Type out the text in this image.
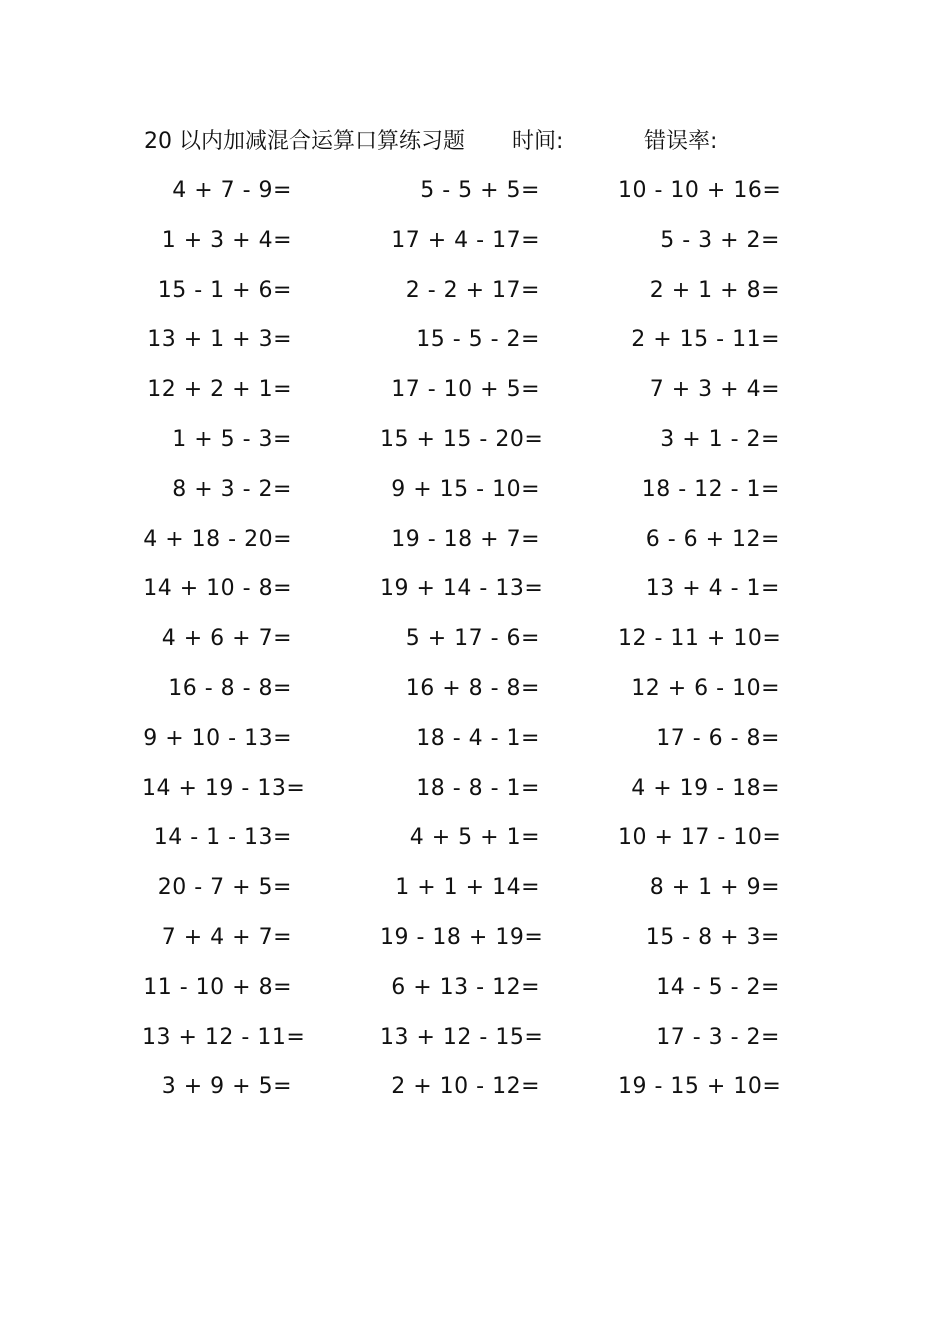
20 以内加减混合运算口算练习题 时间:	错误率:
4 + 7 - 9=
1 + 3 + 4=
15 - 1 + 6=
13 + 1 + 3=
12 + 2 + 1=
1 + 5 - 3=
8 + 3 - 2=
4 + 18 - 20=
14 + 10 - 8=
4 + 6 + 7=
16 - 8 - 8=
9 + 10 - 13=
14 + 19 - 13=
14 - 1 - 13=
20 - 7 + 5=
7 + 4 + 7=
11 - 10 + 8=
13 + 12 - 11=
3 + 9 + 5=
5 - 5 + 5=
17 + 4 - 17=
2 - 2 + 17=
15 - 5 - 2=
17 - 10 + 5=
15 + 15 - 20=
9 + 15 - 10=
19 - 18 + 7=
19 + 14 - 13=
5 + 17 - 6=
16 + 8 - 8=
18 - 4 - 1=
18 - 8 - 1=
4 + 5 + 1=
1 + 1 + 14=
19 - 18 + 19=
6 + 13 - 12=
13 + 12 - 15=
2 + 10 - 12=
10 - 10 + 16=
5 - 3 + 2=
2 + 1 + 8=
2 + 15 - 11=
7 + 3 + 4=
3 + 1 - 2=
18 - 12 - 1=
6 - 6 + 12=
13 + 4 - 1=
12 - 11 + 10=
12 + 6 - 10=
17 - 6 - 8=
4 + 19 - 18=
10 + 17 - 10=
8 + 1 + 9=
15 - 8 + 3=
14 - 5 - 2=
17 - 3 - 2=
19 - 15 + 10=
